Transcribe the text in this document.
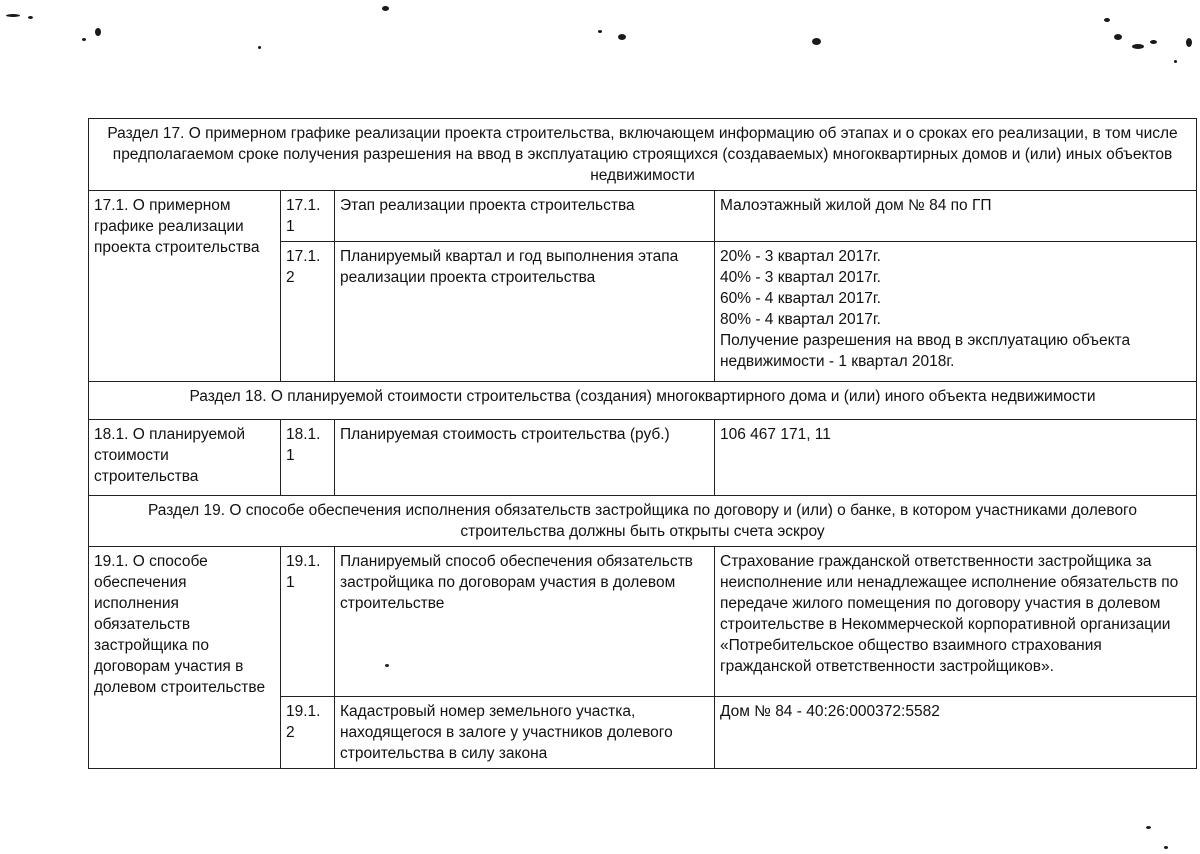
Раздел 17. О примерном графике реализации проекта строительства, включающем информацию об этапах и о сроках его реализации, в том числе предполагаемом сроке получения разрешения на ввод в эксплуатацию строящихся (создаваемых) многоквартирных домов и (или) иных объектов недвижимости			
17.1. О примерном графике реализации проекта строительства	17.1.1	Этап реализации проекта строительства	Малоэтажный жилой дом № 84 по ГП

	17.1.2	Планируемый квартал и год выполнения этапа реализации проекта строительства	20% - 3 квартал 2017г.
40% - 3 квартал 2017г.
60% - 4 квартал 2017г.
80% - 4 квартал 2017г.
Получение разрешения на ввод в эксплуатацию объекта недвижимости - 1 квартал 2018г.

Раздел 18. О планируемой стоимости строительства (создания) многоквартирного дома и (или) иного объекта недвижимости			
18.1. О планируемой стоимости строительства	18.1.1	Планируемая стоимость строительства (руб.)	106 467 171, 11

Раздел 19. О способе обеспечения исполнения обязательств застройщика по договору и (или) о банке, в котором участниками долевого строительства должны быть открыты счета эскроу			
19.1. О способе обеспечения исполнения обязательств застройщика по договорам участия в долевом строительстве	19.1.1	Планируемый способ обеспечения обязательств застройщика по договорам участия в долевом строительстве	Страхование гражданской ответственности застройщика за неисполнение или ненадлежащее исполнение обязательств по передаче жилого помещения по договору участия в долевом строительстве в Некоммерческой корпоративной организации «Потребительское общество взаимного страхования гражданской ответственности застройщиков».

	19.1.2	Кадастровый номер земельного участка, находящегося в залоге у участников долевого строительства в силу закона	Дом № 84 - 40:26:000372:5582
